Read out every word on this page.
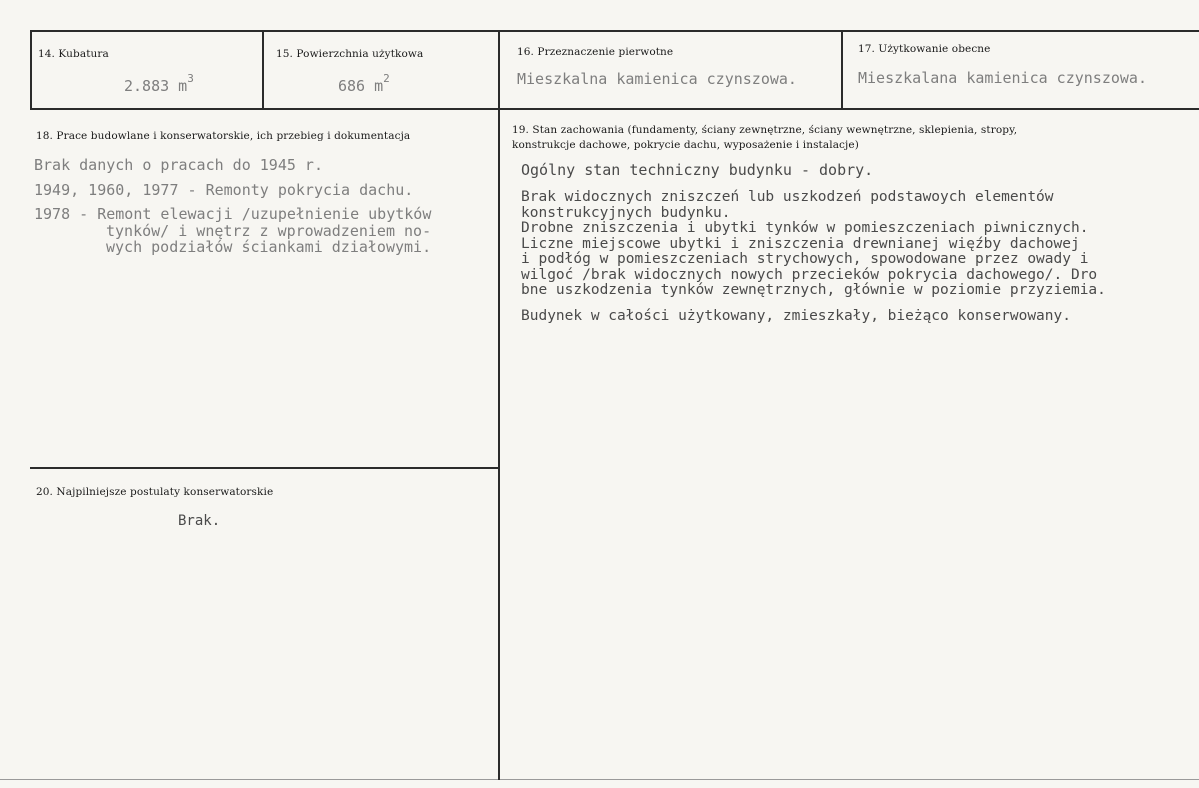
14. Kubatura
2.883 $m^3$
15. Powierzchnia użytkowa
686 $m^2$
16. Przeznaczenie pierwotne
Mieszkalna kamienica czynszowa.
17. Użytkowanie obecne
Mieszkalana kamienica czynszowa.
18. Prace budowlane i konserwatorskie, ich przebieg i dokumentacja
Brak danych o pracach do 1945 r.
1949, 1960, 1977 - Remonty pokrycia dachu.
1978 - Remont elewacji /uzupełnienie ubytków
tynków/ i wnętrz z wprowadzeniem no-
wych podziałów ściankami działowymi.
19. Stan zachowania (fundamenty, ściany zewnętrzne, ściany wewnętrzne, sklepienia, stropy,
konstrukcje dachowe, pokrycie dachu, wyposażenie i instalacje)
Ogólny stan techniczny budynku - dobry.
Brak widocznych zniszczeń lub uszkodzeń podstawoych elementów
konstrukcyjnych budynku.
Drobne zniszczenia i ubytki tynków w pomieszczeniach piwnicznych.
Liczne miejscowe ubytki i zniszczenia drewnianej więźby dachowej
i podłóg w pomieszczeniach strychowych, spowodowane przez owady i
wilgoć /brak widocznych nowych przecieków pokrycia dachowego/. Dro
bne uszkodzenia tynków zewnętrznych, głównie w poziomie przyziemia.
Budynek w całości użytkowany, zmieszkały, bieżąco konserwowany.
20. Najpilniejsze postulaty konserwatorskie
Brak.
